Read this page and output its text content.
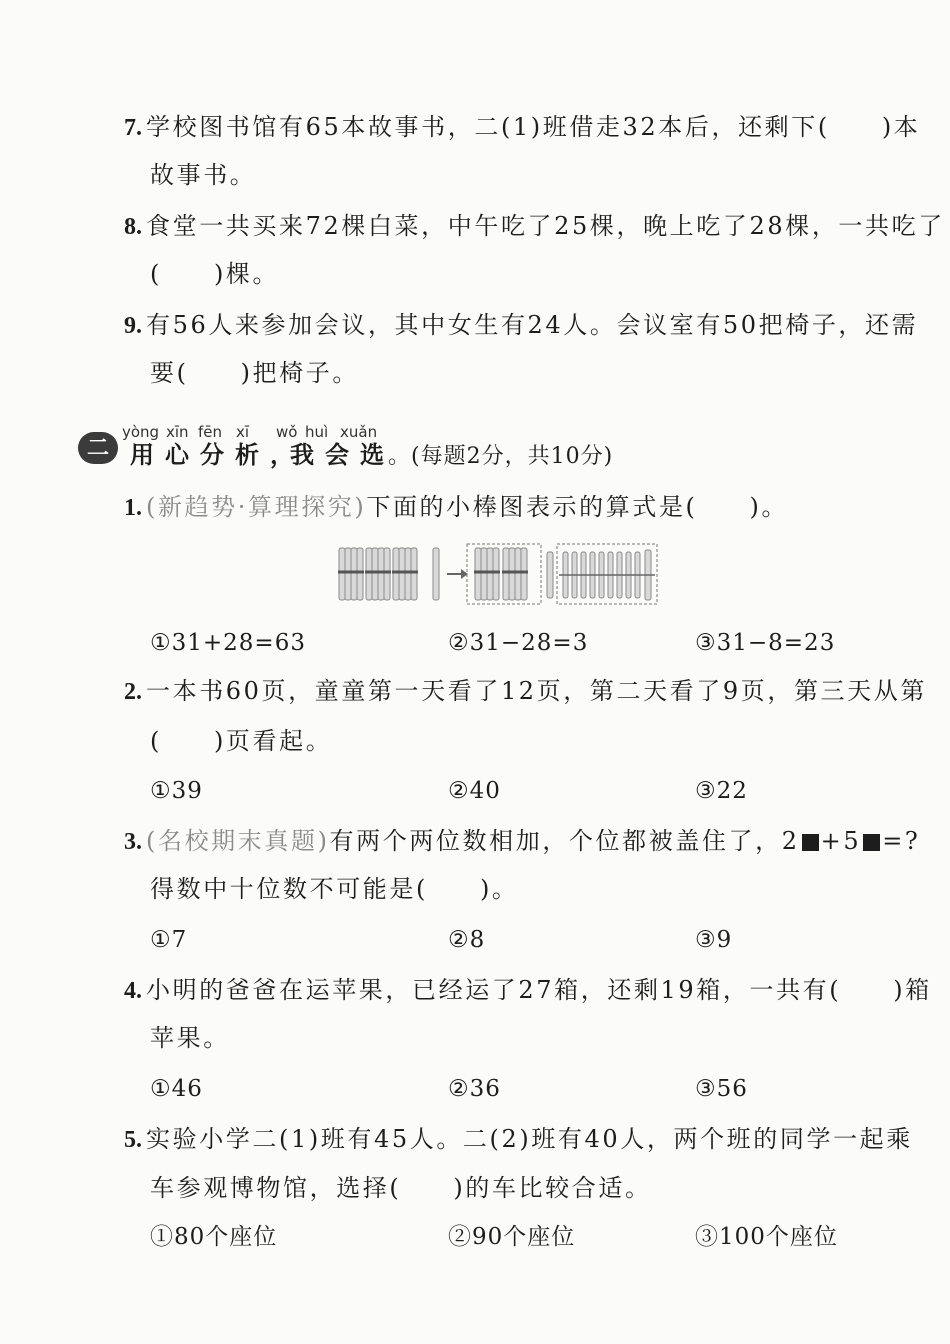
7. 学校图书馆有65本故事书，二(1)班借走32本后，还剩下( )本
故事书。
8. 食堂一共买来72棵白菜，中午吃了25棵，晚上吃了28棵，一共吃了
( )棵。
9. 有56人来参加会议，其中女生有24人。会议室有50把椅子，还需
要( )把椅子。
二
yòng xīn fēn xī wǒ huì xuǎn
用 心 分 析 ，我 会 选 。(每题2分，共10分)
1. (新趋势·算理探究)下面的小棒图表示的算式是( )。
①31+28=63	②31−28=3	③31−8=23
2. 一本书60页，童童第一天看了12页，第二天看了9页，第三天从第
( )页看起。
①39	②40	③22
3. (名校期末真题)有两个两位数相加，个位都被盖住了，2 +5 =?
得数中十位数不可能是( )。
①7	②8	③9
4. 小明的爸爸在运苹果，已经运了27箱，还剩19箱，一共有( )箱
苹果。
①46	②36	③56
5. 实验小学二(1)班有45人。二(2)班有40人，两个班的同学一起乘
车参观博物馆，选择( )的车比较合适。
①80个座位	②90个座位	③100个座位
